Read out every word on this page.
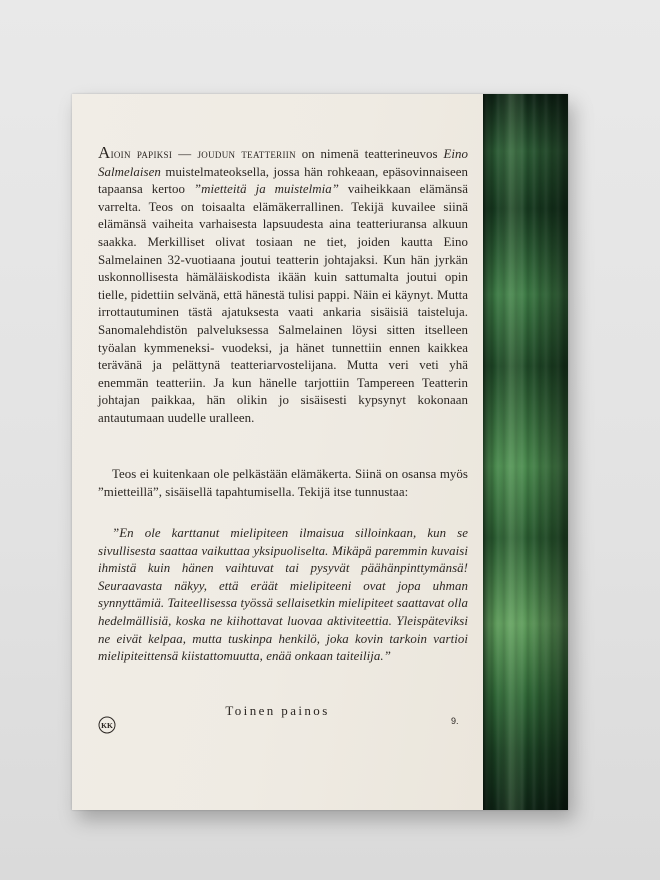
Aioin papiksi — joudun teatteriin on nimenä teatterineuvos Eino Salmelaisen muistelmateoksella, jossa hän rohkeaan, epäsovinnaiseen tapaansa kertoo ”mietteitä ja muistelmia” vaiheikkaan elämänsä varrelta. Teos on toisaalta elämäkerrallinen. Tekijä kuvailee siinä elämänsä vaiheita varhaisesta lapsuudesta aina teatteriuransa alkuun saakka. Merkilliset olivat tosiaan ne tiet, joiden kautta Eino Salmelainen 32-vuotiaana joutui teatterin johtajaksi. Kun hän jyrkän uskonnollisesta hämäläiskodista ikään kuin sattumalta joutui opin tielle, pidettiin selvänä, että hänestä tulisi pappi. Näin ei käynyt. Mutta irrottautuminen tästä ajatuksesta vaati ankaria sisäisiä taisteluja. Sanomalehdistön palveluksessa Salmelainen löysi sitten itselleen työalan kymmeneksi- vuodeksi, ja hänet tunnettiin ennen kaikkea terävänä ja pelättynä teatteriarvostelijana. Mutta veri veti yhä enemmän teatteriin. Ja kun hänelle tarjottiin Tampereen Teatterin johtajan paikkaa, hän olikin jo sisäisesti kypsynyt kokonaan antautumaan uudelle uralleen.
Teos ei kuitenkaan ole pelkästään elämäkerta. Siinä on osansa myös ”mietteillä”, sisäisellä tapahtumisella. Tekijä itse tunnustaa:
”En ole karttanut mielipiteen ilmaisua silloinkaan, kun se sivullisesta saattaa vaikuttaa yksipuoliselta. Mikäpä paremmin kuvaisi ihmistä kuin hänen vaihtuvat tai pysyvät päähänpinttymänsä! Seuraavasta näkyy, että eräät mielipiteeni ovat jopa uhman synnyttämiä. Taiteellisessa työssä sellaisetkin mielipiteet saattavat olla hedelmällisiä, koska ne kiihottavat luovaa aktiviteettia. Yleispäteviksi ne eivät kelpaa, mutta tuskinpa henkilö, joka kovin tarkoin vartioi mielipiteittensä kiistattomuutta, enää onkaan taiteilija.”
Toinen painos
KK	9.
